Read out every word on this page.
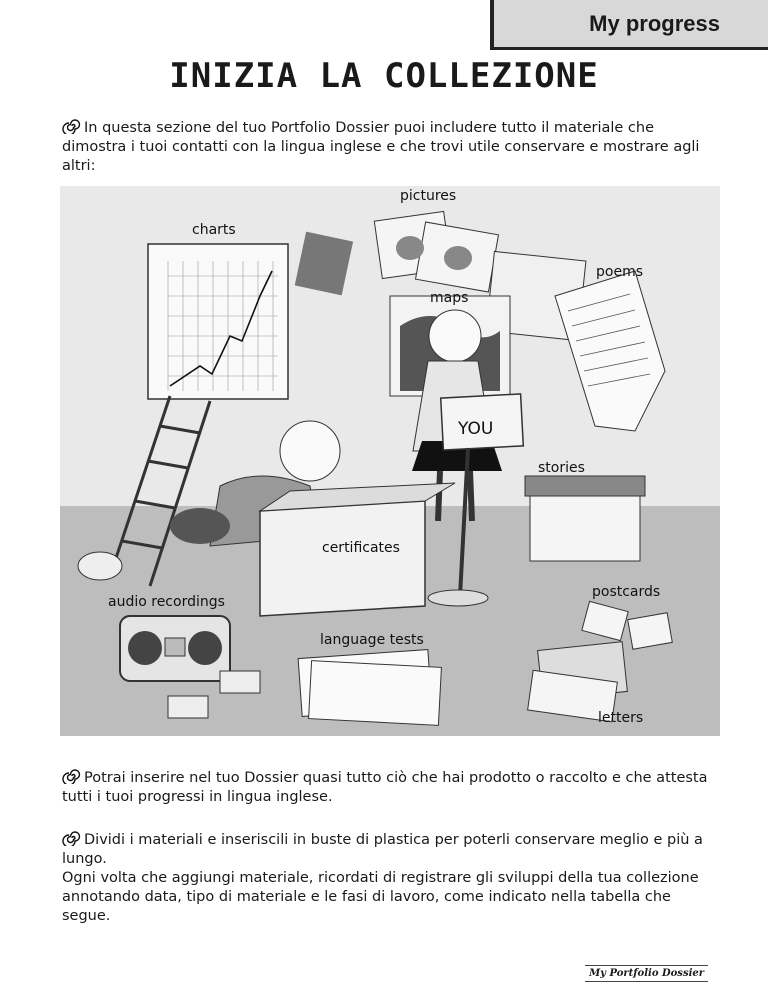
My progress
INIZIA LA COLLEZIONE

In questa sezione del tuo Portfolio Dossier puoi includere tutto il materiale che dimostra i tuoi contatti con la lingua inglese e che trovi utile conservare e mostrare agli altri:

pictures
charts
poems
maps
YOU
stories
certificates
postcards
audio recordings
language tests
letters

Potrai inserire nel tuo Dossier quasi tutto ciò che hai prodotto o raccolto e che attesta tutti i tuoi progressi in lingua inglese.

Dividi i materiali e inseriscili in buste di plastica per poterli conservare meglio e più a lungo.

Ogni volta che aggiungi materiale, ricordati di registrare gli sviluppi della tua collezione annotando data, tipo di materiale e le fasi di lavoro, come indicato nella tabella che segue.

My Portfolio Dossier
